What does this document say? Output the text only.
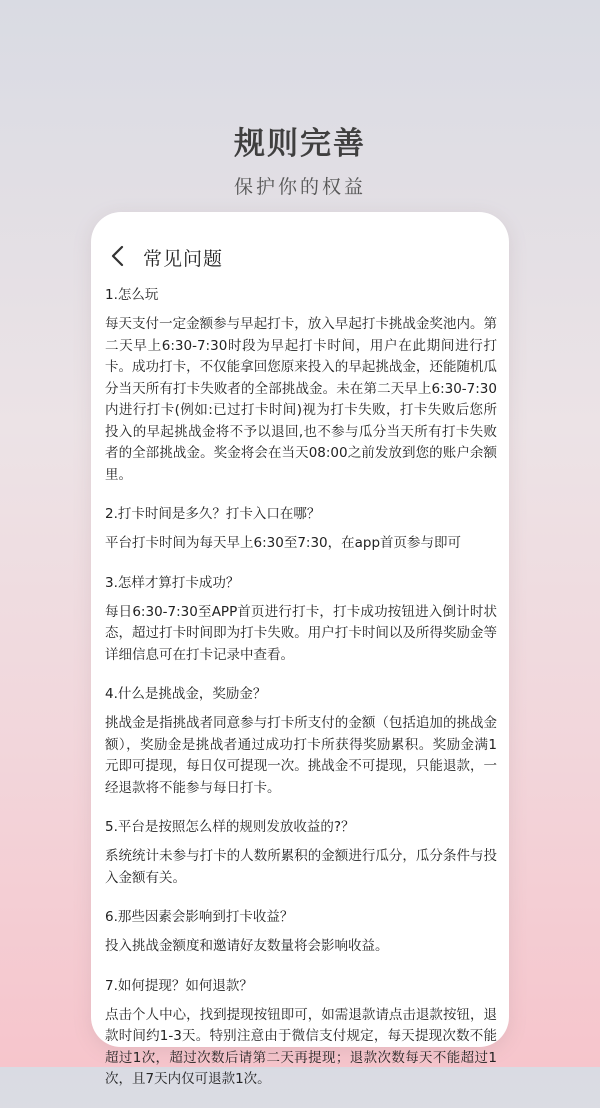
规则完善
保护你的权益
常见问题

1.怎么玩

每天支付一定金额参与早起打卡，放入早起打卡挑战金奖池内。第二天早上6:30-7:30时段为早起打卡时间，用户在此期间进行打卡。成功打卡，不仅能拿回您原来投入的早起挑战金，还能随机瓜分当天所有打卡失败者的全部挑战金。未在第二天早上6:30-7:30内进行打卡(例如:已过打卡时间)视为打卡失败，打卡失败后您所投入的早起挑战金将不予以退回,也不参与瓜分当天所有打卡失败者的全部挑战金。奖金将会在当天08:00之前发放到您的账户余额里。

2.打卡时间是多久？打卡入口在哪？

平台打卡时间为每天早上6:30至7:30，在app首页参与即可

3.怎样才算打卡成功？

每日6:30-7:30至APP首页进行打卡，打卡成功按钮进入倒计时状态，超过打卡时间即为打卡失败。用户打卡时间以及所得奖励金等详细信息可在打卡记录中查看。

4.什么是挑战金，奖励金？

挑战金是指挑战者同意参与打卡所支付的金额（包括追加的挑战金额），奖励金是挑战者通过成功打卡所获得奖励累积。奖励金满1元即可提现，每日仅可提现一次。挑战金不可提现，只能退款，一经退款将不能参与每日打卡。

5.平台是按照怎么样的规则发放收益的?？

系统统计未参与打卡的人数所累积的金额进行瓜分，瓜分条件与投入金额有关。

6.那些因素会影响到打卡收益？

投入挑战金额度和邀请好友数量将会影响收益。

7.如何提现？如何退款？

点击个人中心，找到提现按钮即可，如需退款请点击退款按钮，退款时间约1-3天。特别注意由于微信支付规定，每天提现次数不能超过1次，超过次数后请第二天再提现；退款次数每天不能超过1次，且7天内仅可退款1次。
